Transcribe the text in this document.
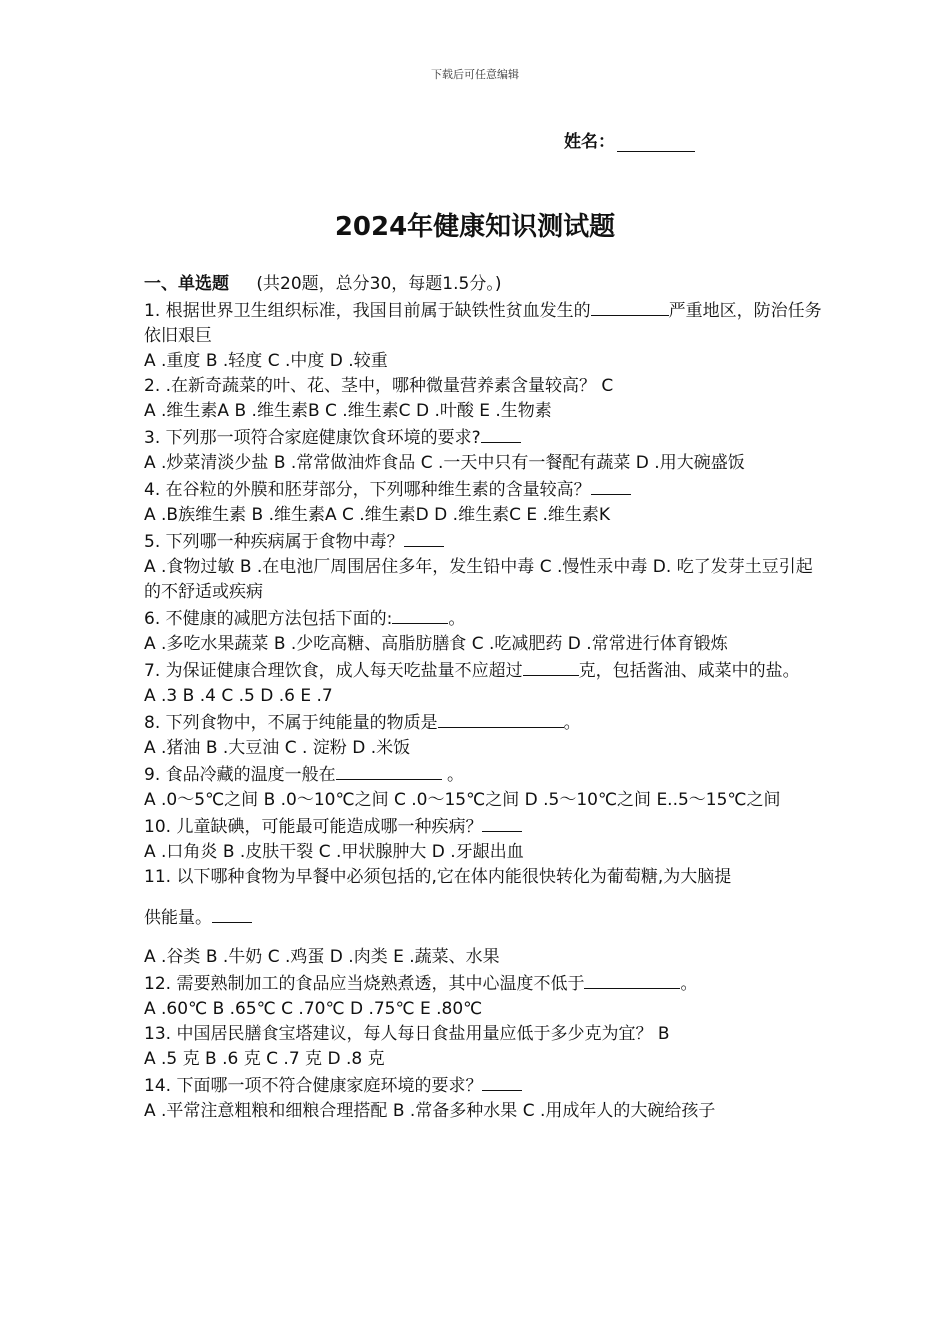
下载后可任意编辑
姓名：
2024年健康知识测试题

一、单选题 (共20题，总分30，每题1.5分。)

1. 根据世界卫生组织标准，我国目前属于缺铁性贫血发生的	严重地区，防治任务依旧艰巨

A .重度 B .轻度 C .中度 D .较重

2. .在新奇蔬菜的叶、花、茎中，哪种微量营养素含量较高？ C

A .维生素A B .维生素B C .维生素C D .叶酸 E .生物素

3. 下列那一项符合家庭健康饮食环境的要求?

A .炒菜清淡少盐 B .常常做油炸食品 C .一天中只有一餐配有蔬菜 D .用大碗盛饭

4. 在谷粒的外膜和胚芽部分，下列哪种维生素的含量较高？

A .B族维生素 B .维生素A C .维生素D D .维生素C E .维生素K

5. 下列哪一种疾病属于食物中毒？

A .食物过敏 B .在电池厂周围居住多年，发生铅中毒 C .慢性汞中毒 D. 吃了发芽土豆引起的不舒适或疾病

6. 不健康的减肥方法包括下面的:	。

A .多吃水果蔬菜 B .少吃高糖、高脂肪膳食 C .吃减肥药 D .常常进行体育锻炼

7. 为保证健康合理饮食，成人每天吃盐量不应超过	克，包括酱油、咸菜中的盐。

A .3 B .4 C .5 D .6 E .7

8. 下列食物中，不属于纯能量的物质是	。

A .猪油 B .大豆油 C . 淀粉 D .米饭

9. 食品冷藏的温度一般在	。

A .0～5℃之间 B .0～10℃之间 C .0～15℃之间 D .5～10℃之间 E..5～15℃之间

10. 儿童缺碘，可能最可能造成哪一种疾病？

A .口角炎 B .皮肤干裂 C .甲状腺肿大 D .牙龈出血

11. 以下哪种食物为早餐中必须包括的,它在体内能很快转化为葡萄糖,为大脑提

供能量。

A .谷类 B .牛奶 C .鸡蛋 D .肉类 E .蔬菜、水果

12. 需要熟制加工的食品应当烧熟煮透，其中心温度不低于	。

A .60℃ B .65℃ C .70℃ D .75℃ E .80℃

13. 中国居民膳食宝塔建议，每人每日食盐用量应低于多少克为宜？ B

A .5 克 B .6 克 C .7 克 D .8 克

14. 下面哪一项不符合健康家庭环境的要求？

A .平常注意粗粮和细粮合理搭配 B .常备多种水果 C .用成年人的大碗给孩子
